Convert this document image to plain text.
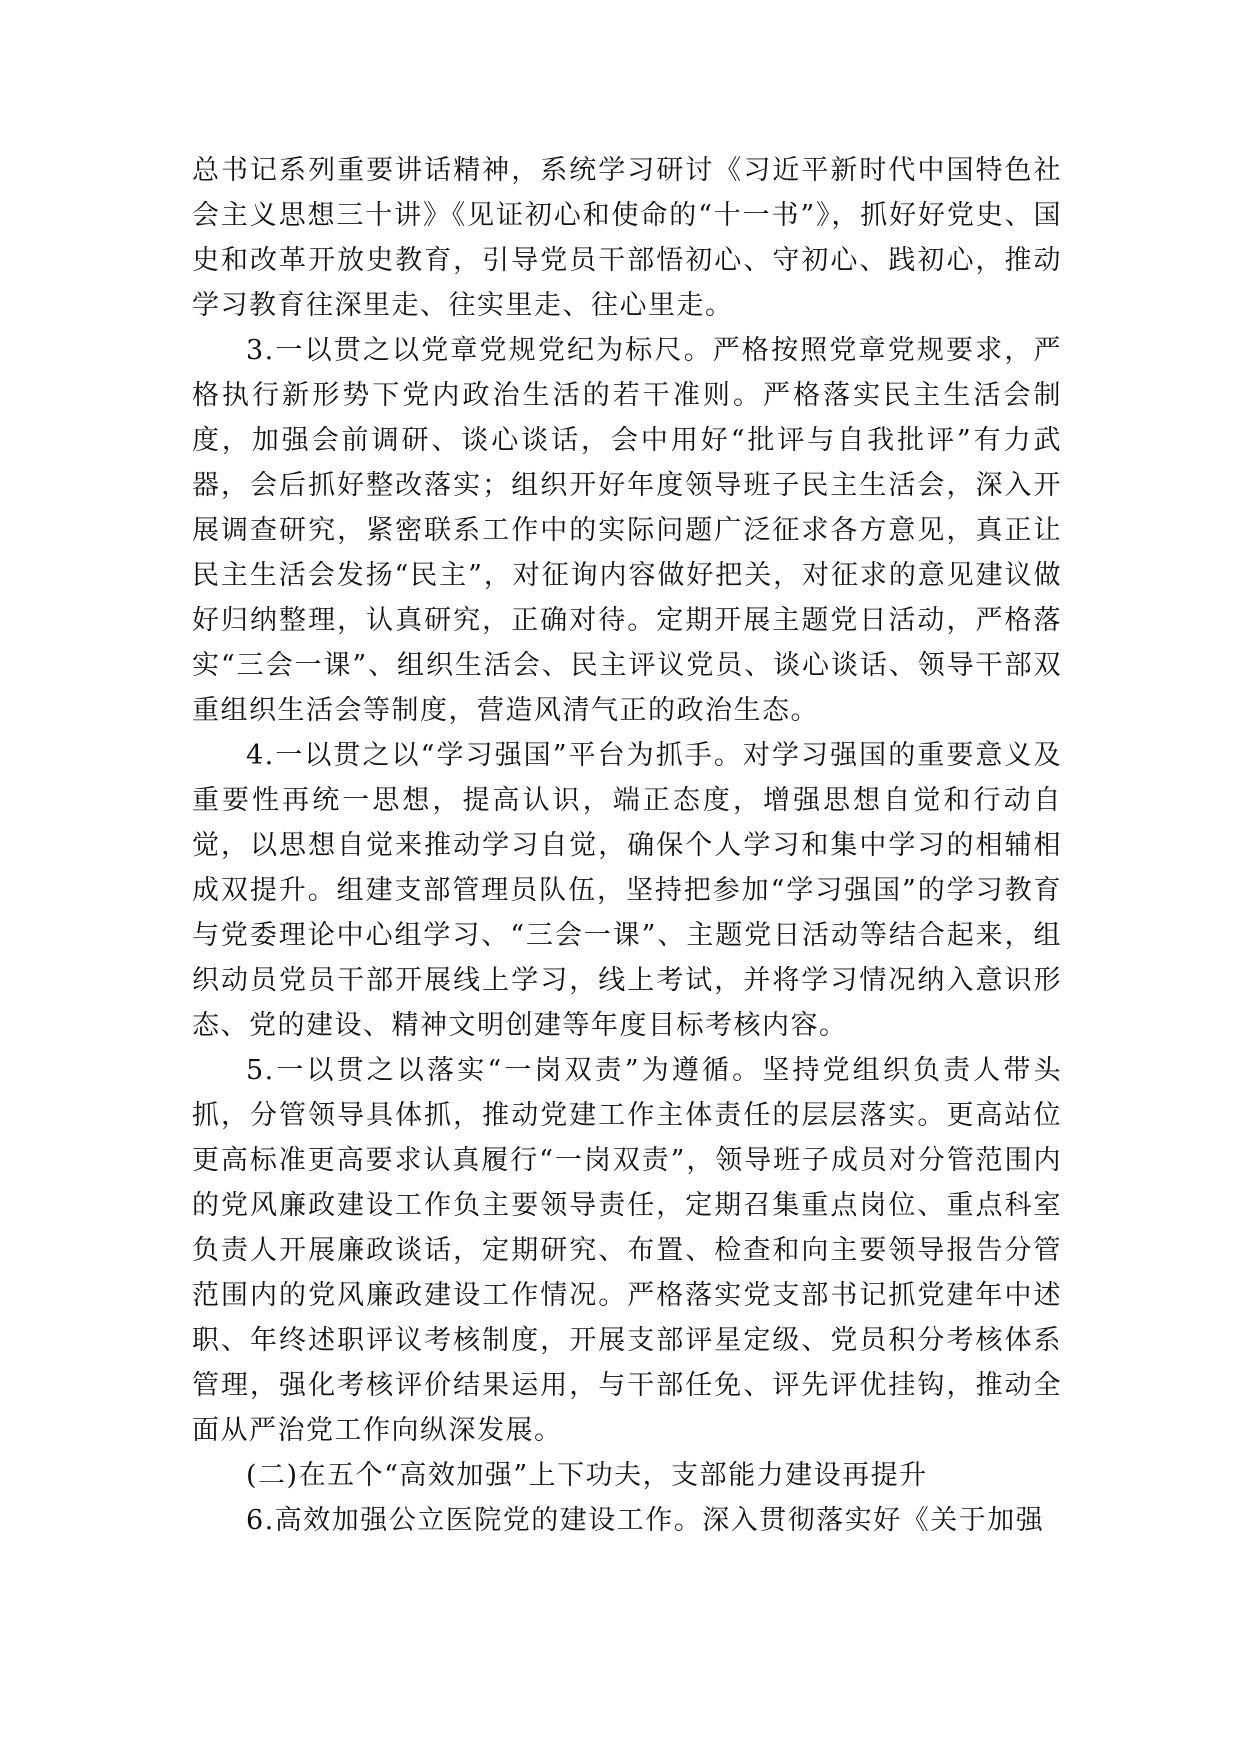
总书记系列重要讲话精神，系统学习研讨《习近平新时代中国特色社会主义思想三十讲》《见证初心和使命的“十一书”》，抓好好党史、国史和改革开放史教育，引导党员干部悟初心、守初心、践初心，推动学习教育往深里走、往实里走、往心里走。

3.一以贯之以党章党规党纪为标尺。严格按照党章党规要求，严格执行新形势下党内政治生活的若干准则。严格落实民主生活会制度，加强会前调研、谈心谈话，会中用好“批评与自我批评”有力武器，会后抓好整改落实；组织开好年度领导班子民主生活会，深入开展调查研究，紧密联系工作中的实际问题广泛征求各方意见，真正让民主生活会发扬“民主”，对征询内容做好把关，对征求的意见建议做好归纳整理，认真研究，正确对待。定期开展主题党日活动，严格落实“三会一课”、组织生活会、民主评议党员、谈心谈话、领导干部双重组织生活会等制度，营造风清气正的政治生态。

4.一以贯之以“学习强国”平台为抓手。对学习强国的重要意义及重要性再统一思想，提高认识，端正态度，增强思想自觉和行动自觉，以思想自觉来推动学习自觉，确保个人学习和集中学习的相辅相成双提升。组建支部管理员队伍，坚持把参加“学习强国”的学习教育与党委理论中心组学习、“三会一课”、主题党日活动等结合起来，组织动员党员干部开展线上学习，线上考试，并将学习情况纳入意识形态、党的建设、精神文明创建等年度目标考核内容。

5.一以贯之以落实“一岗双责”为遵循。坚持党组织负责人带头抓，分管领导具体抓，推动党建工作主体责任的层层落实。更高站位更高标准更高要求认真履行“一岗双责”，领导班子成员对分管范围内的党风廉政建设工作负主要领导责任，定期召集重点岗位、重点科室负责人开展廉政谈话，定期研究、布置、检查和向主要领导报告分管范围内的党风廉政建设工作情况。严格落实党支部书记抓党建年中述职、年终述职评议考核制度，开展支部评星定级、党员积分考核体系管理，强化考核评价结果运用，与干部任免、评先评优挂钩，推动全面从严治党工作向纵深发展。

(二)在五个“高效加强”上下功夫，支部能力建设再提升

6.高效加强公立医院党的建设工作。深入贯彻落实好《关于加强
